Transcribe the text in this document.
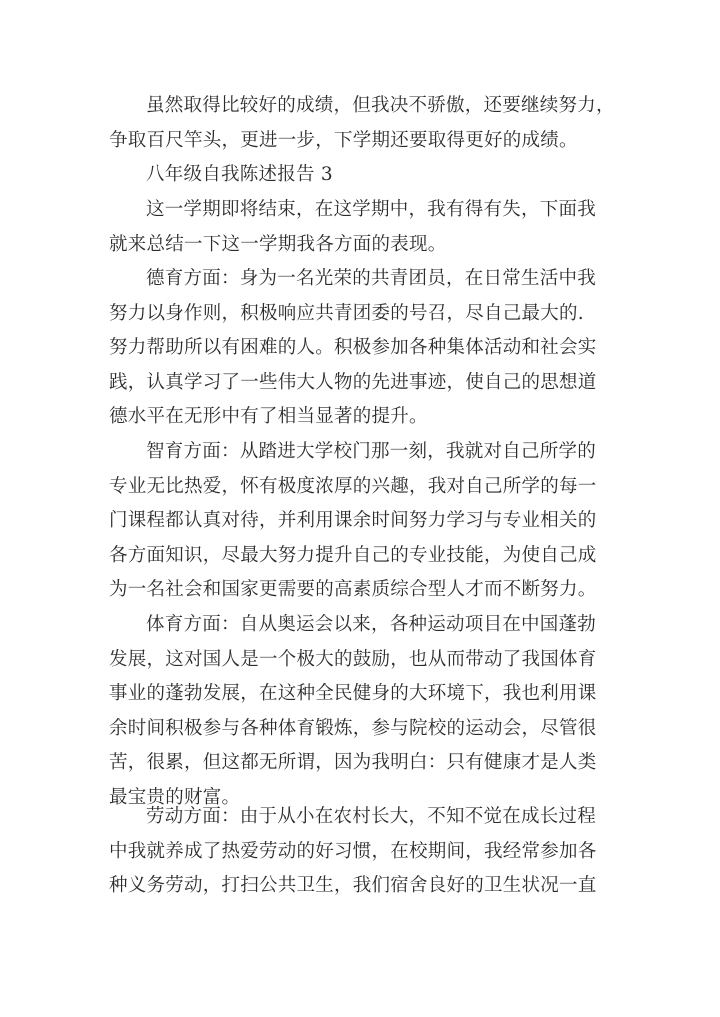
虽然取得比较好的成绩，但我决不骄傲，还要继续努力，
争取百尺竿头，更进一步，下学期还要取得更好的成绩。
八年级自我陈述报告 3
这一学期即将结束，在这学期中，我有得有失，下面我
就来总结一下这一学期我各方面的表现。
德育方面：身为一名光荣的共青团员，在日常生活中我
努力以身作则，积极响应共青团委的号召，尽自己最大的.
努力帮助所以有困难的人。积极参加各种集体活动和社会实
践，认真学习了一些伟大人物的先进事迹，使自己的思想道
德水平在无形中有了相当显著的提升。
智育方面：从踏进大学校门那一刻，我就对自己所学的
专业无比热爱，怀有极度浓厚的兴趣，我对自己所学的每一
门课程都认真对待，并利用课余时间努力学习与专业相关的
各方面知识，尽最大努力提升自己的专业技能，为使自己成
为一名社会和国家更需要的高素质综合型人才而不断努力。
体育方面：自从奥运会以来，各种运动项目在中国蓬勃
发展，这对国人是一个极大的鼓励，也从而带动了我国体育
事业的蓬勃发展，在这种全民健身的大环境下，我也利用课
余时间积极参与各种体育锻炼，参与院校的运动会，尽管很
苦，很累，但这都无所谓，因为我明白：只有健康才是人类
最宝贵的财富。
劳动方面：由于从小在农村长大，不知不觉在成长过程
中我就养成了热爱劳动的好习惯，在校期间，我经常参加各
种义务劳动，打扫公共卫生，我们宿舍良好的卫生状况一直
